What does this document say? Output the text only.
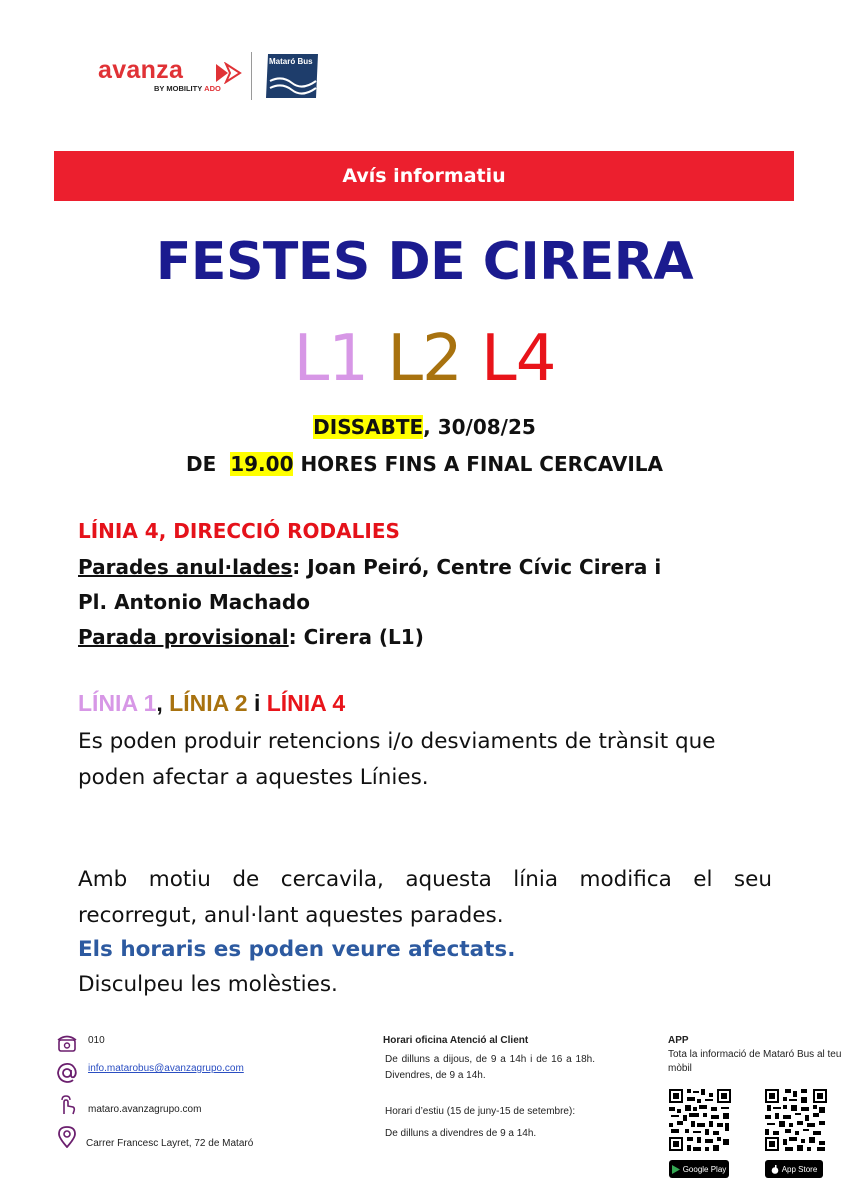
avanza
BY MOBILITY ADO
Mataró Bus
Avís informatiu
FESTES DE CIRERA
L1 L2 L4
DISSABTE, 30/08/25
DE  19.00 HORES FINS A FINAL CERCAVILA
LÍNIA 4, DIRECCIÓ RODALIES
Parades anul·lades: Joan Peiró, Centre Cívic Cirera i
Pl. Antonio Machado
Parada provisional: Cirera (L1)
LÍNIA 1, LÍNIA 2 i LÍNIA 4
Es poden produir retencions i/o desviaments de trànsit que poden afectar a aquestes Línies.
Amb motiu de cercavila, aquesta línia modifica el seu recorregut, anul·lant aquestes parades.
Els horaris es poden veure afectats.
Disculpeu les molèsties.
010
info.matarobus@avanzagrupo.com
mataro.avanzagrupo.com
Carrer Francesc Layret, 72 de Mataró
Horari oficina Atenció al Client
De dilluns a dijous, de 9 a 14h i de 16 a 18h. Divendres, de 9 a 14h.
Horari d’estiu (15 de juny-15 de setembre):
De dilluns a divendres de 9 a 14h.
APP
Tota la informació de Mataró Bus al teu mòbil
Google Play	App Store
